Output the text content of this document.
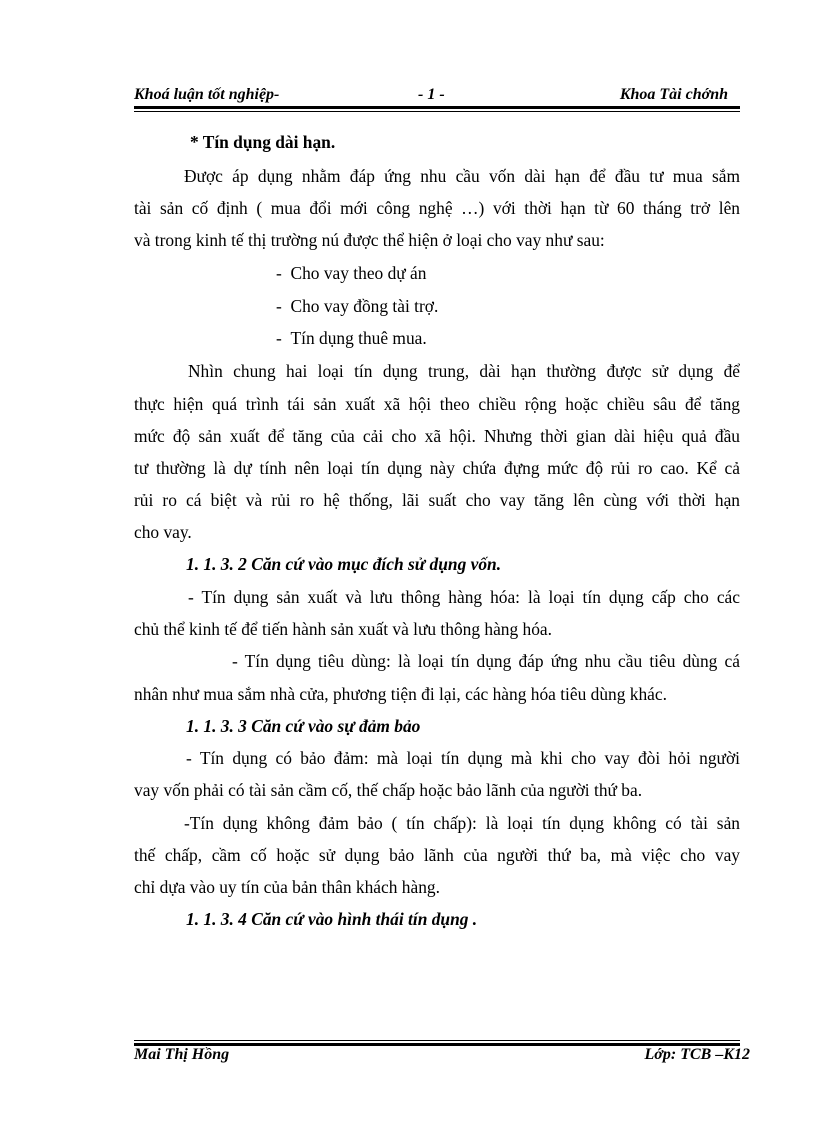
Khoá luận tốt nghiệp-	- 1 -	Khoa Tài chớnh
* Tín dụng dài hạn.
Được áp dụng nhằm đáp ứng nhu cầu vốn dài hạn để đầu tư mua sắm
tài sản cố định ( mua đổi mới công nghệ …) với thời hạn từ 60 tháng trở lên
và trong kinh tế thị trường nú được thể hiện ở loại cho vay như sau:
-  Cho vay theo dự án
-  Cho vay đồng tài trợ.
-  Tín dụng thuê mua.
Nhìn chung hai loại tín dụng trung, dài hạn thường được sử dụng để
thực hiện quá trình tái sản xuất xã hội theo chiều rộng hoặc chiều sâu để tăng
mức độ sản xuất để tăng của cải cho xã hội. Nhưng thời gian dài hiệu quả đầu
tư thường là dự tính nên loại tín dụng này chứa đựng mức độ rủi ro cao. Kể cả
rủi ro cá biệt và rủi ro hệ thống, lãi suất cho vay tăng lên cùng với thời hạn
cho vay.
1. 1. 3. 2 Căn cứ vào mục đích sử dụng vốn.
- Tín dụng sản xuất và lưu thông hàng hóa: là loại tín dụng cấp cho các
chủ thể kinh tế để tiến hành sản xuất và lưu thông hàng hóa.
- Tín dụng tiêu dùng: là loại tín dụng đáp ứng nhu cầu tiêu dùng cá
nhân như mua sắm nhà cửa, phương tiện đi lại, các hàng hóa tiêu dùng khác.
1. 1. 3. 3 Căn cứ vào sự đảm bảo
- Tín dụng có bảo đảm: mà loại tín dụng mà khi cho vay đòi hỏi người
vay vốn phải có tài sản cầm cố, thế chấp hoặc bảo lãnh của người thứ ba.
-Tín dụng không đảm bảo ( tín chấp): là loại tín dụng không có tài sản
thế chấp, cầm cố hoặc sử dụng bảo lãnh của người thứ ba, mà việc cho vay
chỉ dựa vào uy tín của bản thân khách hàng.
1. 1. 3. 4 Căn cứ vào hình thái tín dụng .
Mai Thị Hồng	Lớp: TCB –K12
